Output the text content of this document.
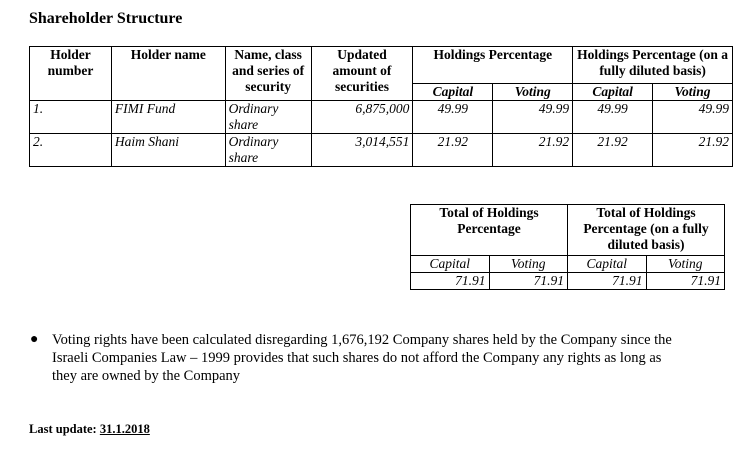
Shareholder Structure
Holder number	Holder name	Name, class and series of security	Updated amount of securities	Holdings Percentage		Holdings Percentage (on a fully diluted basis)	
				Capital	Voting	Capital	Voting
1.	FIMI Fund	Ordinary share	6,875,000	49.99	49.99	49.99	49.99
2.	Haim Shani	Ordinary share	3,014,551	21.92	21.92	21.92	21.92
Total of Holdings Percentage		Total of Holdings Percentage (on a fully diluted basis)	
Capital	Voting	Capital	Voting
71.91	71.91	71.91	71.91
● Voting rights have been calculated disregarding 1,676,192 Company shares held by the Company since the Israeli Companies Law – 1999 provides that such shares do not afford the Company any rights as long as they are owned by the Company
Last update: 31.1.2018
